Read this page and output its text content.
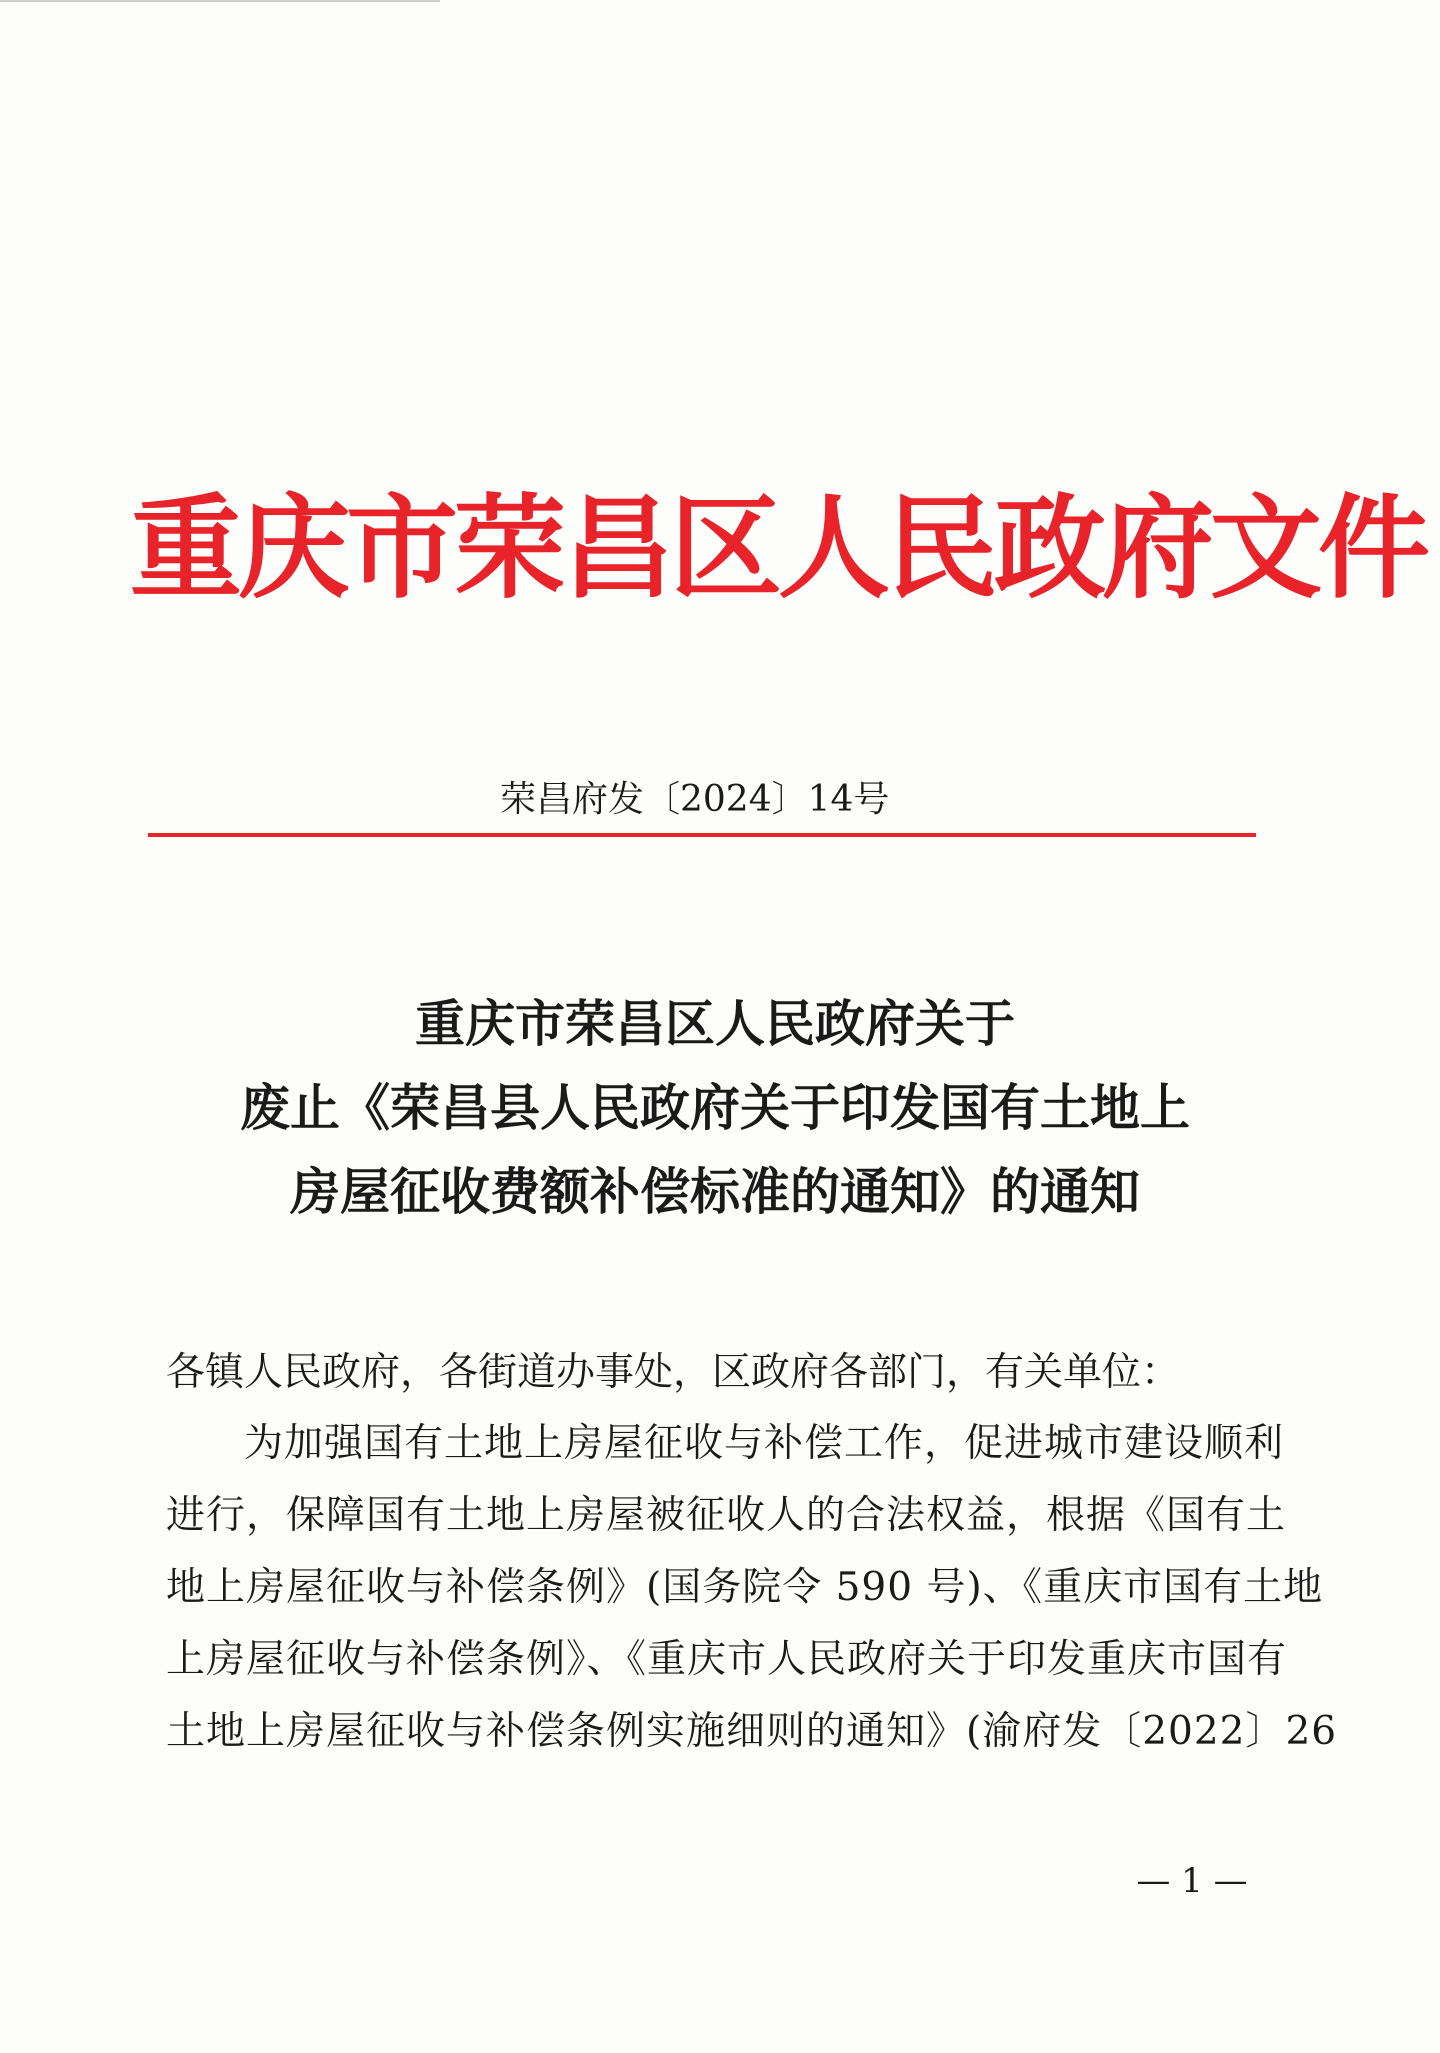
重庆市荣昌区人民政府文件
荣昌府发〔2024〕14号
重庆市荣昌区人民政府关于
废止《荣昌县人民政府关于印发国有土地上
房屋征收费额补偿标准的通知》的通知
各镇人民政府，各街道办事处，区政府各部门，有关单位：
为加强国有土地上房屋征收与补偿工作，促进城市建设顺利
进行，保障国有土地上房屋被征收人的合法权益，根据《国有土
地上房屋征收与补偿条例》(国务院令 590 号)、《重庆市国有土地
上房屋征收与补偿条例》、《重庆市人民政府关于印发重庆市国有
土地上房屋征收与补偿条例实施细则的通知》(渝府发〔2022〕26
— 1 —
